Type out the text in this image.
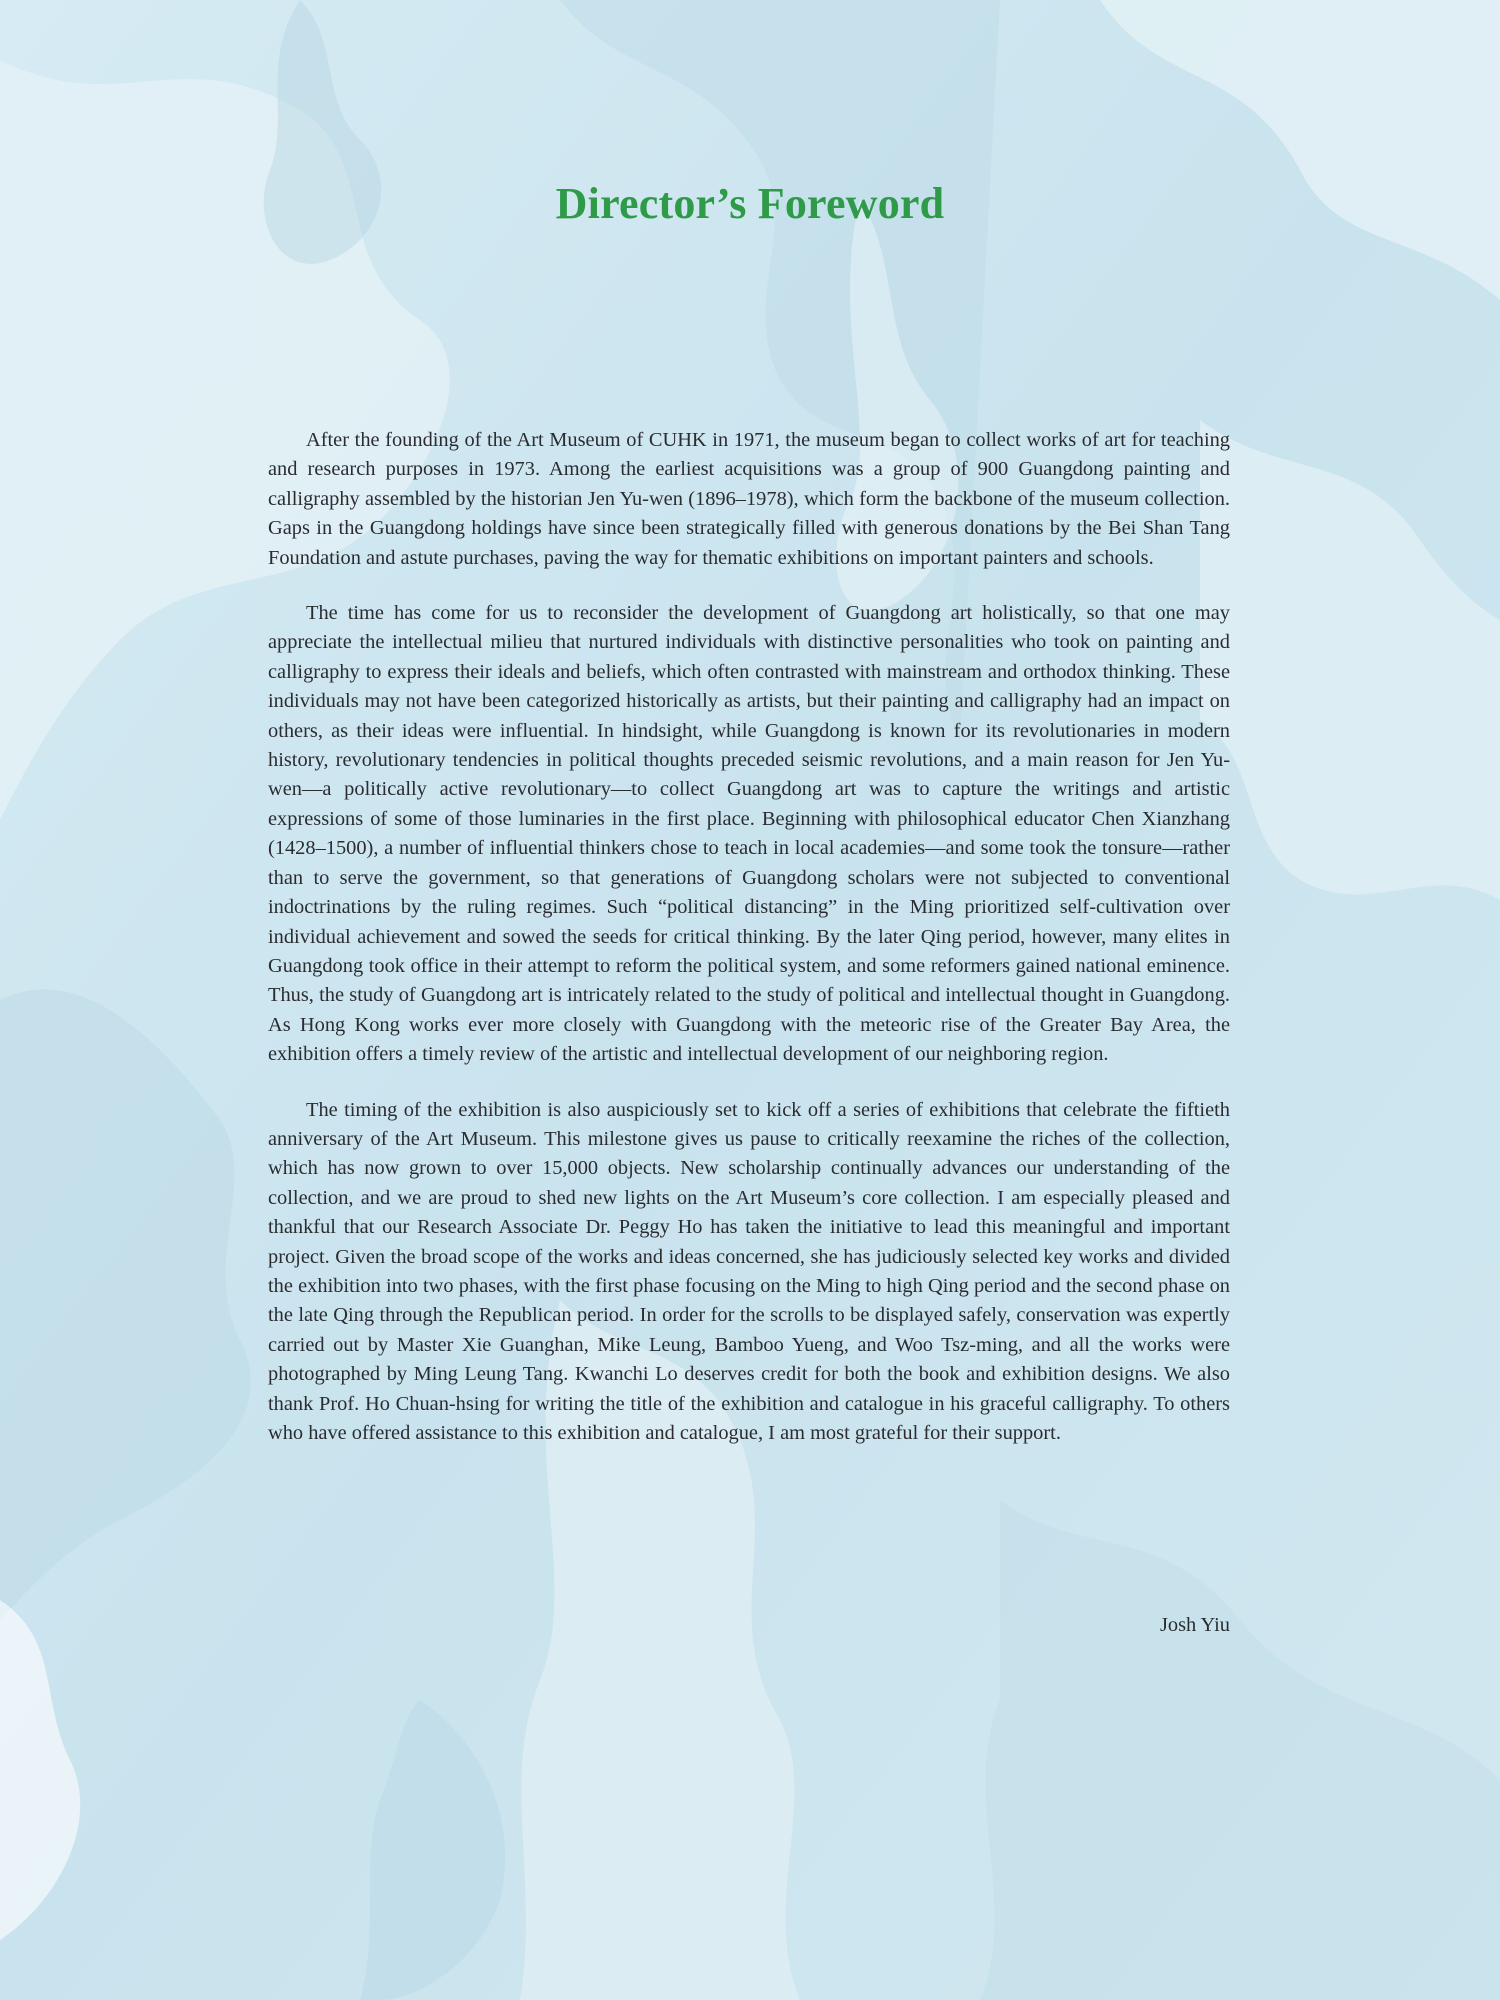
Director’s Foreword

After the founding of the Art Museum of CUHK in 1971, the museum began to collect works of art for teaching and research purposes in 1973. Among the earliest acquisitions was a group of 900 Guangdong painting and calligraphy assembled by the historian Jen Yu-wen (1896–1978), which form the backbone of the museum collection. Gaps in the Guangdong holdings have since been strategically filled with generous donations by the Bei Shan Tang Foundation and astute purchases, paving the way for thematic exhibitions on important painters and schools.

The time has come for us to reconsider the development of Guangdong art holistically, so that one may appreciate the intellectual milieu that nurtured individuals with distinctive personalities who took on painting and calligraphy to express their ideals and beliefs, which often contrasted with mainstream and orthodox thinking. These individuals may not have been categorized historically as artists, but their painting and calligraphy had an impact on others, as their ideas were influential. In hindsight, while Guangdong is known for its revolutionaries in modern history, revolutionary tendencies in political thoughts preceded seismic revolutions, and a main reason for Jen Yu-wen—a politically active revolutionary—to collect Guangdong art was to capture the writings and artistic expressions of some of those luminaries in the first place. Beginning with philosophical educator Chen Xianzhang (1428–1500), a number of influential thinkers chose to teach in local academies—and some took the tonsure—rather than to serve the government, so that generations of Guangdong scholars were not subjected to conventional indoctrinations by the ruling regimes. Such “political distancing” in the Ming prioritized self-cultivation over individual achievement and sowed the seeds for critical thinking. By the later Qing period, however, many elites in Guangdong took office in their attempt to reform the political system, and some reformers gained national eminence. Thus, the study of Guangdong art is intricately related to the study of political and intellectual thought in Guangdong. As Hong Kong works ever more closely with Guangdong with the meteoric rise of the Greater Bay Area, the exhibition offers a timely review of the artistic and intellectual development of our neighboring region.

The timing of the exhibition is also auspiciously set to kick off a series of exhibitions that celebrate the fiftieth anniversary of the Art Museum. This milestone gives us pause to critically reexamine the riches of the collection, which has now grown to over 15,000 objects. New scholarship continually advances our understanding of the collection, and we are proud to shed new lights on the Art Museum’s core collection. I am especially pleased and thankful that our Research Associate Dr. Peggy Ho has taken the initiative to lead this meaningful and important project. Given the broad scope of the works and ideas concerned, she has judiciously selected key works and divided the exhibition into two phases, with the first phase focusing on the Ming to high Qing period and the second phase on the late Qing through the Republican period. In order for the scrolls to be displayed safely, conservation was expertly carried out by Master Xie Guanghan, Mike Leung, Bamboo Yueng, and Woo Tsz-ming, and all the works were photographed by Ming Leung Tang. Kwanchi Lo deserves credit for both the book and exhibition designs. We also thank Prof. Ho Chuan-hsing for writing the title of the exhibition and catalogue in his graceful calligraphy. To others who have offered assistance to this exhibition and catalogue, I am most grateful for their support.

Josh Yiu
